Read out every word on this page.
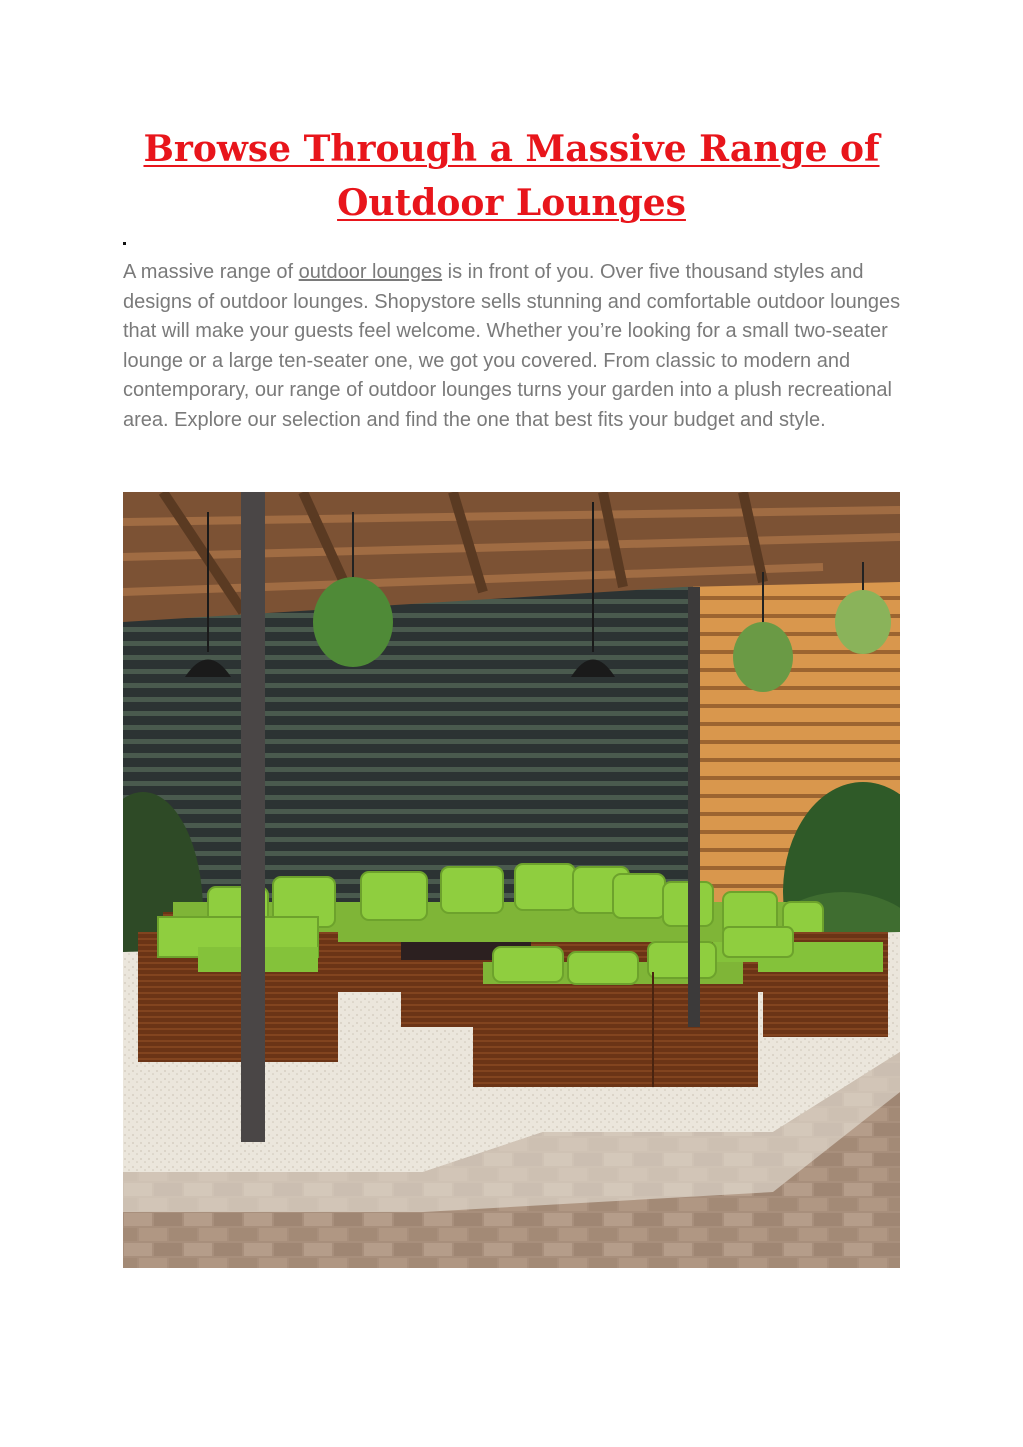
Browse Through a Massive Range of
Outdoor Lounges

A massive range of outdoor lounges is in front of you. Over five thousand styles and designs of outdoor lounges. Shopystore sells stunning and comfortable outdoor lounges that will make your guests feel welcome. Whether you’re looking for a small two-seater lounge or a large ten-seater one, we got you covered. From classic to modern and contemporary, our range of outdoor lounges turns your garden into a plush recreational area. Explore our selection and find the one that best fits your budget and style.
